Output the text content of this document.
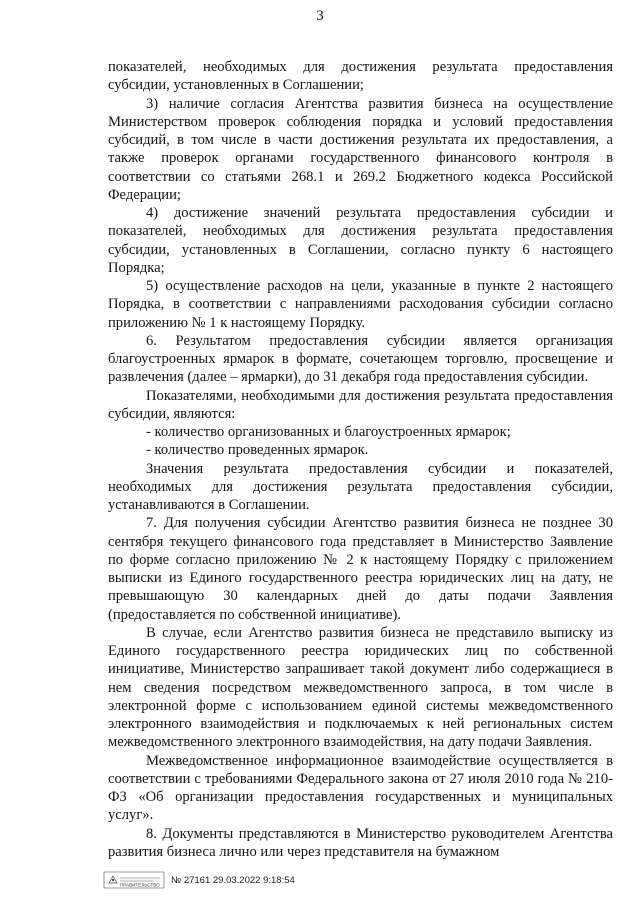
3

показателей, необходимых для достижения результата предоставления субсидии, установленных в Соглашении;

3) наличие согласия Агентства развития бизнеса на осуществление Министерством проверок соблюдения порядка и условий предоставления субсидий, в том числе в части достижения результата их предоставления, а также проверок органами государственного финансового контроля в соответствии со статьями 268.1 и 269.2 Бюджетного кодекса Российской Федерации;

4) достижение значений результата предоставления субсидии и показателей, необходимых для достижения результата предоставления субсидии, установленных в Соглашении, согласно пункту 6 настоящего Порядка;

5) осуществление расходов на цели, указанные в пункте 2 настоящего Порядка, в соответствии с направлениями расходования субсидии согласно приложению № 1 к настоящему Порядку.

6. Результатом предоставления субсидии является организация благоустроенных ярмарок в формате, сочетающем торговлю, просвещение и развлечения (далее – ярмарки), до 31 декабря года предоставления субсидии.

Показателями, необходимыми для достижения результата предоставления субсидии, являются:

- количество организованных и благоустроенных ярмарок;

- количество проведенных ярмарок.

Значения результата предоставления субсидии и показателей, необходимых для достижения результата предоставления субсидии, устанавливаются в Соглашении.

7. Для получения субсидии Агентство развития бизнеса не позднее 30 сентября текущего финансового года представляет в Министерство Заявление по форме согласно приложению № 2 к настоящему Порядку с приложением выписки из Единого государственного реестра юридических лиц на дату, не превышающую 30 календарных дней до даты подачи Заявления (предоставляется по собственной инициативе).

В случае, если Агентство развития бизнеса не представило выписку из Единого государственного реестра юридических лиц по собственной инициативе, Министерство запрашивает такой документ либо содержащиеся в нем сведения посредством межведомственного запроса, в том числе в электронной форме с использованием единой системы межведомственного электронного взаимодействия и подключаемых к ней региональных систем межведомственного электронного взаимодействия, на дату подачи Заявления.

Межведомственное информационное взаимодействие осуществляется в соответствии с требованиями Федерального закона от 27 июля 2010 года № 210-ФЗ «Об организации предоставления государственных и муниципальных услуг».

8. Документы представляются в Министерство руководителем Агентства развития бизнеса лично или через представителя на бумажном

ПРАВИТЕЛЬСТВО № 27161 29.03.2022 9:18:54
